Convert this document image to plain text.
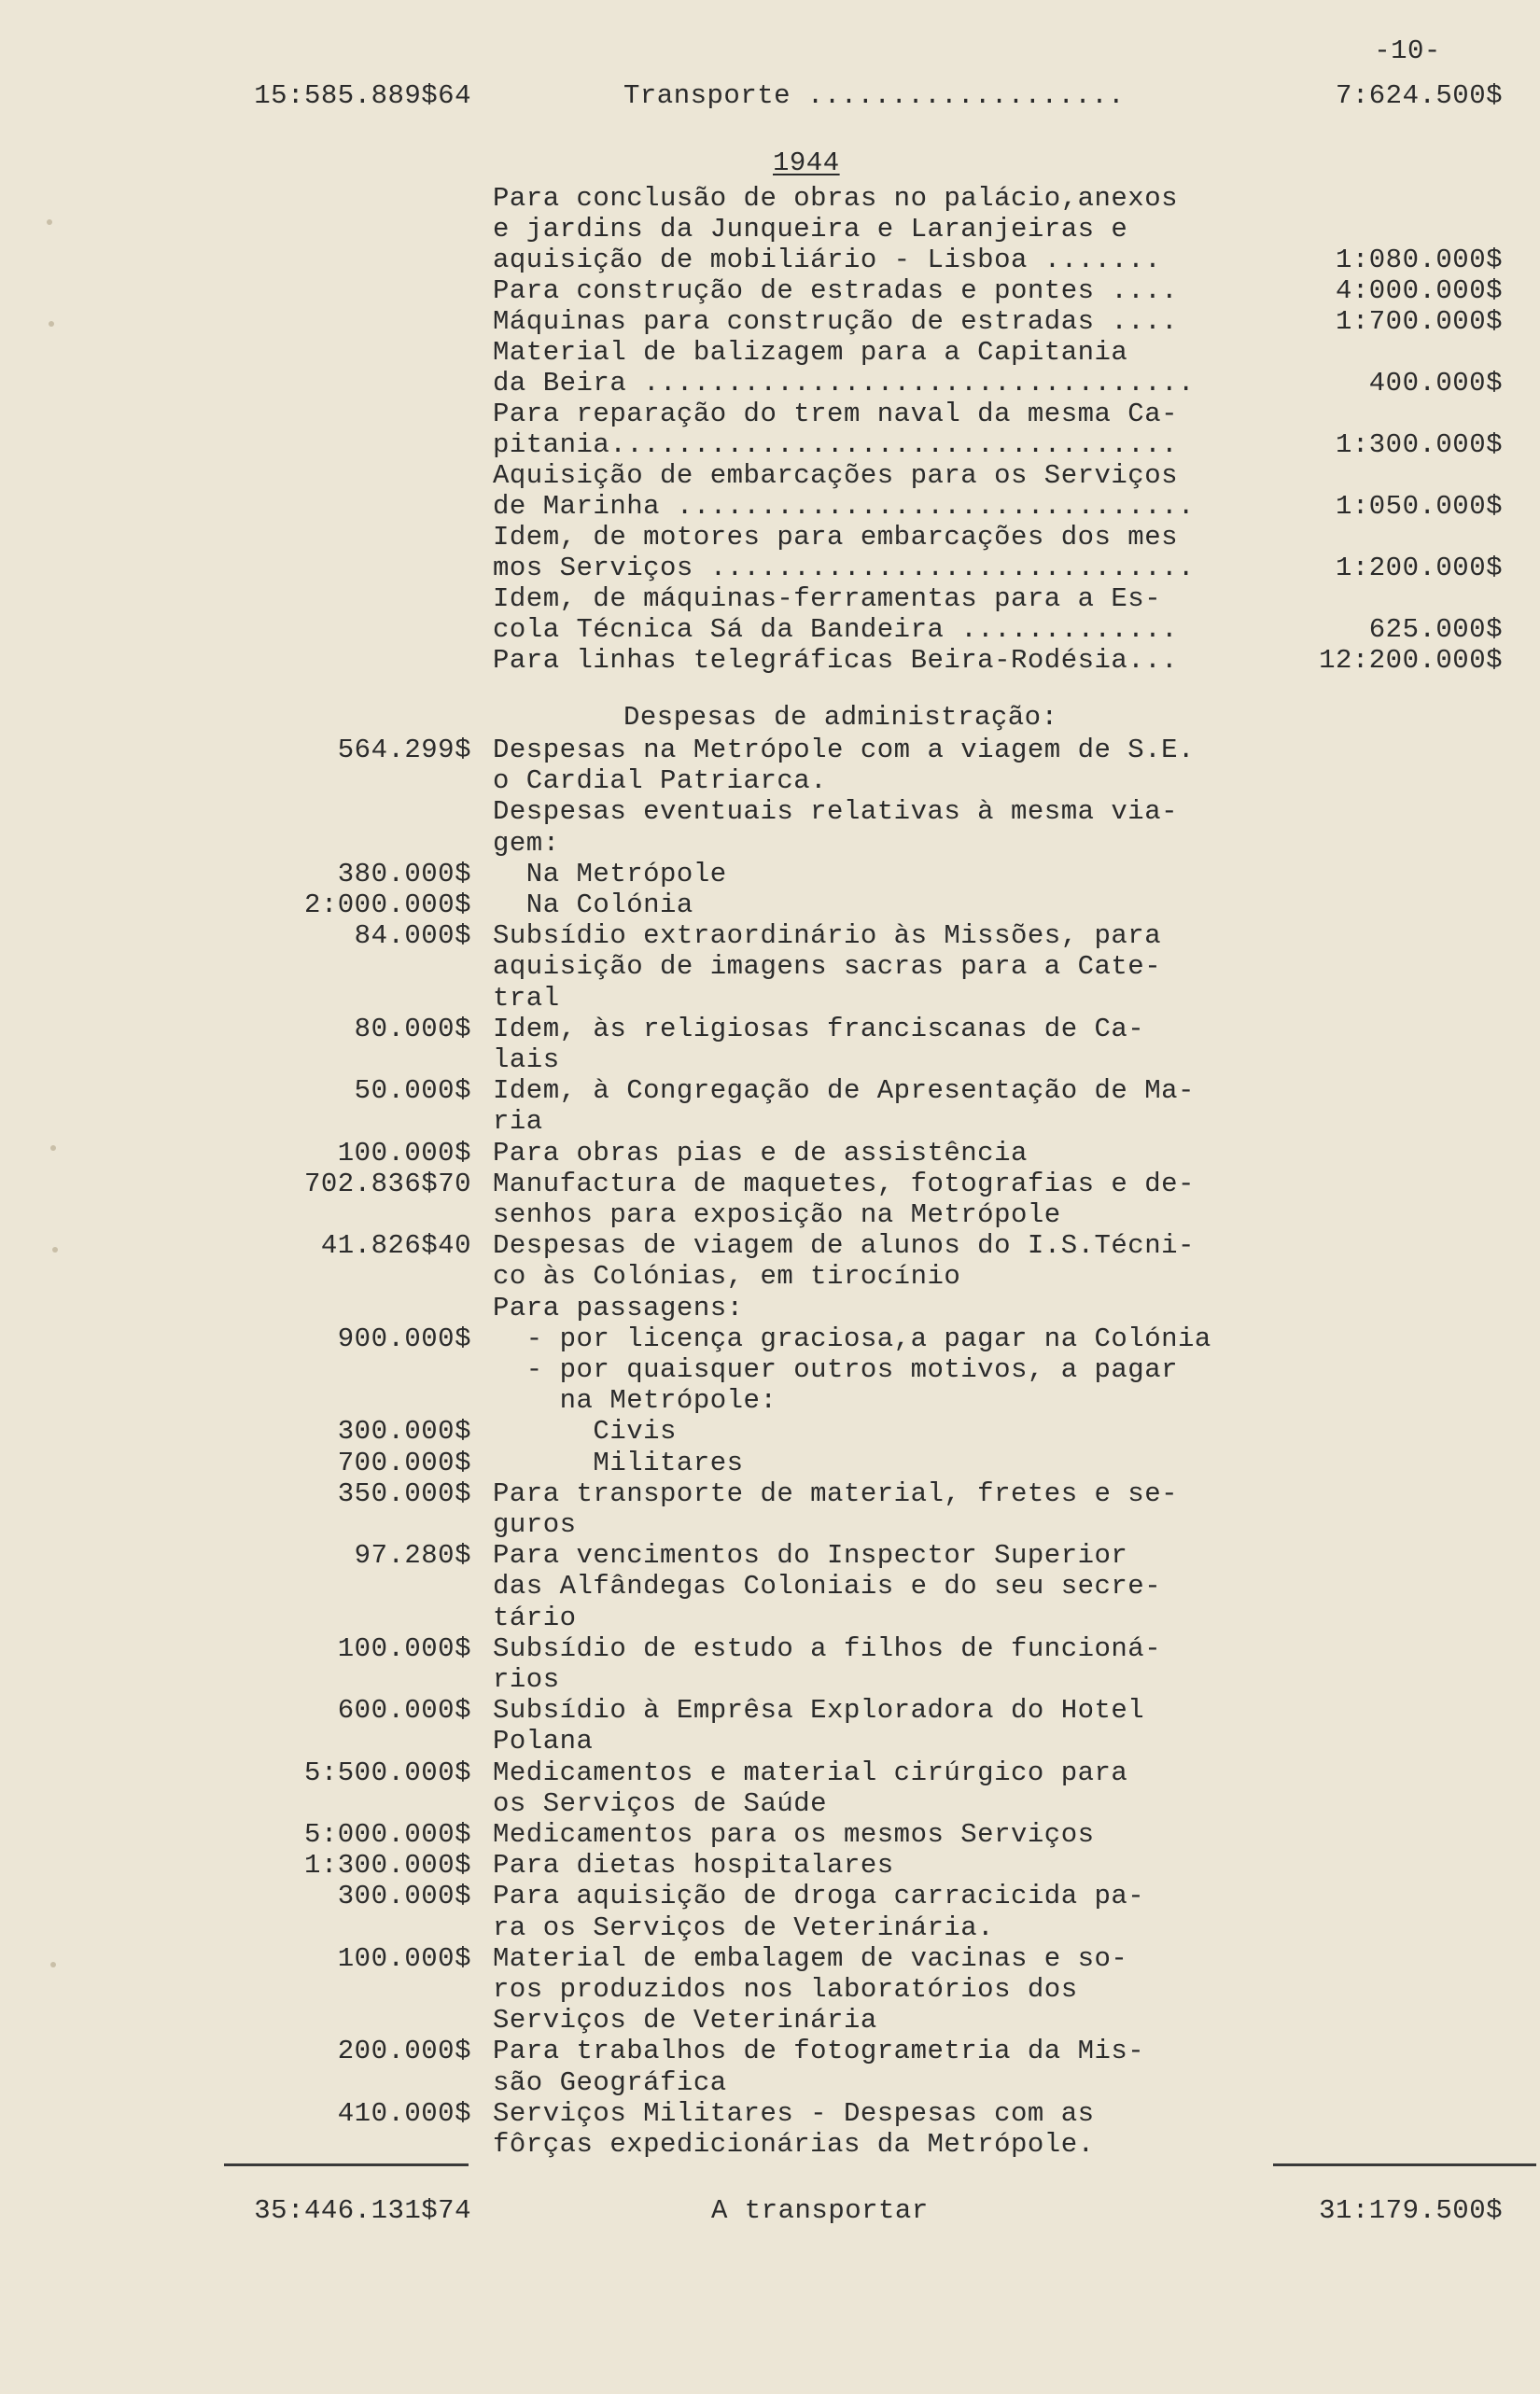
-10-
15:585.889$64	Transporte ...................	7:624.500$
1944
Para conclusão de obras no palácio,anexos
e jardins da Junqueira e Laranjeiras e
aquisição de mobiliário - Lisboa .......	1:080.000$
Para construção de estradas e pontes ....	4:000.000$
Máquinas para construção de estradas ....	1:700.000$
Material de balizagem para a Capitania
da Beira .................................	400.000$
Para reparação do trem naval da mesma Ca-
pitania..................................	1:300.000$
Aquisição de embarcações para os Serviços
de Marinha ...............................	1:050.000$
Idem, de motores para embarcações dos mes
mos Serviços .............................	1:200.000$
Idem, de máquinas-ferramentas para a Es-
cola Técnica Sá da Bandeira .............	625.000$
Para linhas telegráficas Beira-Rodésia...	12:200.000$
Despesas de administração:
564.299$ Despesas na Metrópole com a viagem de S.E.
o Cardial Patriarca.
Despesas eventuais relativas à mesma via-
gem:
380.000$ Na Metrópole
2:000.000$ Na Colónia
84.000$ Subsídio extraordinário às Missões, para
aquisição de imagens sacras para a Cate-
tral
80.000$ Idem, às religiosas franciscanas de Ca-
lais
50.000$ Idem, à Congregação de Apresentação de Ma-
ria
100.000$ Para obras pias e de assistência
702.836$70 Manufactura de maquetes, fotografias e de-
senhos para exposição na Metrópole
41.826$40 Despesas de viagem de alunos do I.S.Técni-
co às Colónias, em tirocínio
Para passagens:
900.000$ - por licença graciosa,a pagar na Colónia
- por quaisquer outros motivos, a pagar
na Metrópole:
300.000$ Civis
700.000$ Militares
350.000$ Para transporte de material, fretes e se-
guros
97.280$ Para vencimentos do Inspector Superior
das Alfândegas Coloniais e do seu secre-
tário
100.000$ Subsídio de estudo a filhos de funcioná-
rios
600.000$ Subsídio à Emprêsa Exploradora do Hotel
Polana
5:500.000$ Medicamentos e material cirúrgico para
os Serviços de Saúde
5:000.000$ Medicamentos para os mesmos Serviços
1:300.000$ Para dietas hospitalares
300.000$ Para aquisição de droga carracicida pa-
ra os Serviços de Veterinária.
100.000$ Material de embalagem de vacinas e so-
ros produzidos nos laboratórios dos
Serviços de Veterinária
200.000$ Para trabalhos de fotogrametria da Mis-
são Geográfica
410.000$ Serviços Militares - Despesas com as
fôrças expedicionárias da Metrópole.
35:446.131$74	A transportar	31:179.500$
